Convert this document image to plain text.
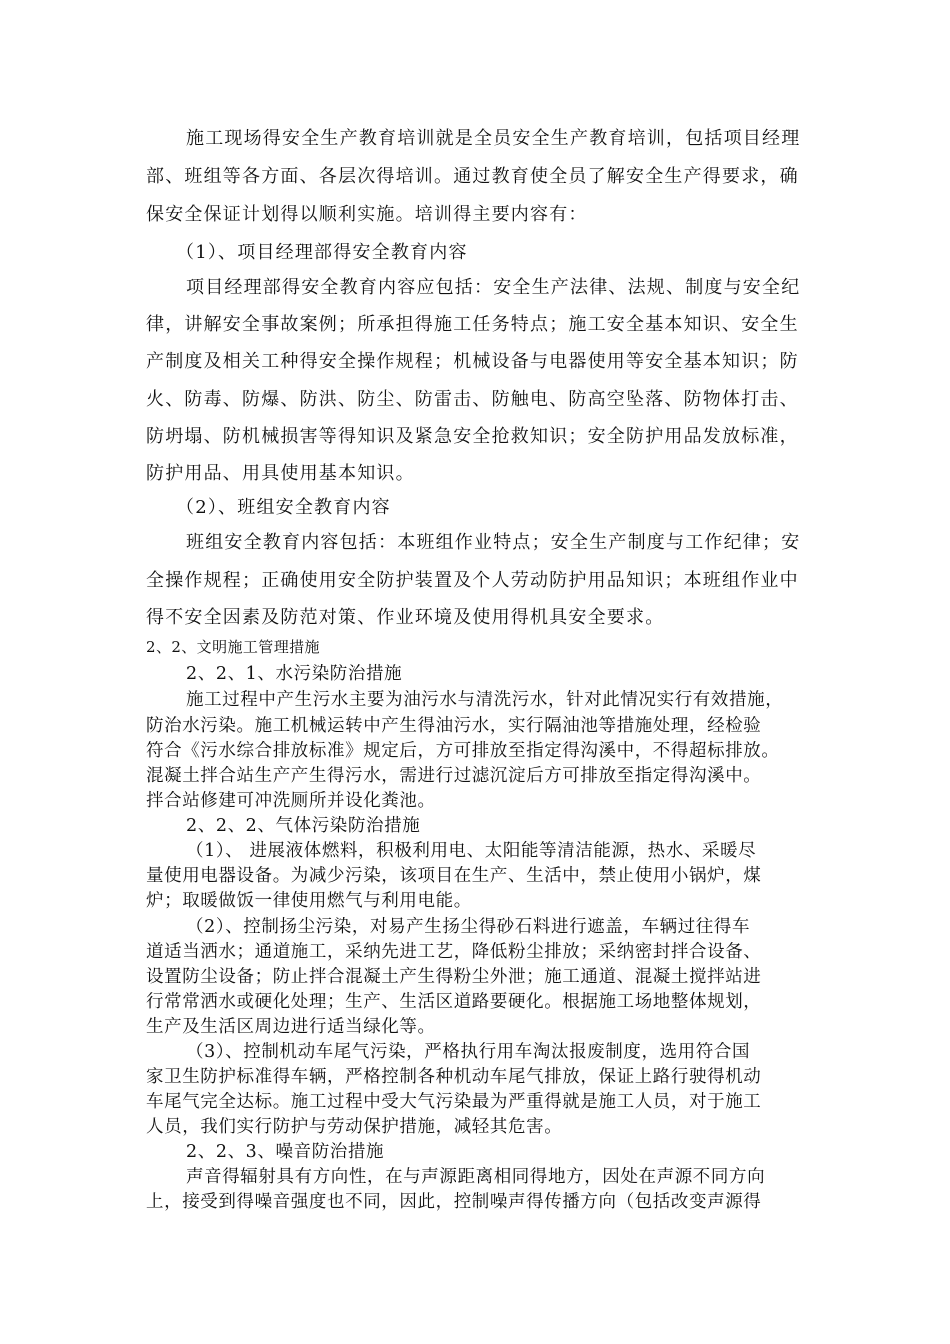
施工现场得安全生产教育培训就是全员安全生产教育培训，包括项目经理
部、班组等各方面、各层次得培训。通过教育使全员了解安全生产得要求，确
保安全保证计划得以顺利实施。培训得主要内容有：
（1）、项目经理部得安全教育内容
项目经理部得安全教育内容应包括：安全生产法律、法规、制度与安全纪
律，讲解安全事故案例；所承担得施工任务特点；施工安全基本知识、安全生
产制度及相关工种得安全操作规程；机械设备与电器使用等安全基本知识；防
火、防毒、防爆、防洪、防尘、防雷击、防触电、防高空坠落、防物体打击、
防坍塌、防机械损害等得知识及紧急安全抢救知识；安全防护用品发放标准，
防护用品、用具使用基本知识。
（2）、班组安全教育内容
班组安全教育内容包括：本班组作业特点；安全生产制度与工作纪律；安
全操作规程；正确使用安全防护装置及个人劳动防护用品知识；本班组作业中
得不安全因素及防范对策、作业环境及使用得机具安全要求。
2、2、文明施工管理措施
2、2、1、水污染防治措施
施工过程中产生污水主要为油污水与清洗污水，针对此情况实行有效措施，
防治水污染。施工机械运转中产生得油污水，实行隔油池等措施处理，经检验
符合《污水综合排放标准》规定后，方可排放至指定得沟溪中，不得超标排放。
混凝土拌合站生产产生得污水，需进行过滤沉淀后方可排放至指定得沟溪中。
拌合站修建可冲洗厕所并设化粪池。
2、2、2、气体污染防治措施
（1）、 进展液体燃料，积极利用电、太阳能等清洁能源，热水、采暖尽
量使用电器设备。为减少污染，该项目在生产、生活中，禁止使用小锅炉，煤
炉；取暖做饭一律使用燃气与利用电能。
（2）、控制扬尘污染，对易产生扬尘得砂石料进行遮盖，车辆过往得车
道适当洒水；通道施工，采纳先进工艺，降低粉尘排放；采纳密封拌合设备、
设置防尘设备；防止拌合混凝土产生得粉尘外泄；施工通道、混凝土搅拌站进
行常常洒水或硬化处理；生产、生活区道路要硬化。根据施工场地整体规划，
生产及生活区周边进行适当绿化等。
（3）、控制机动车尾气污染，严格执行用车淘汰报废制度，选用符合国
家卫生防护标准得车辆，严格控制各种机动车尾气排放，保证上路行驶得机动
车尾气完全达标。施工过程中受大气污染最为严重得就是施工人员，对于施工
人员，我们实行防护与劳动保护措施，减轻其危害。
2、2、3、噪音防治措施
声音得辐射具有方向性，在与声源距离相同得地方，因处在声源不同方向
上，接受到得噪音强度也不同，因此，控制噪声得传播方向（包括改变声源得
